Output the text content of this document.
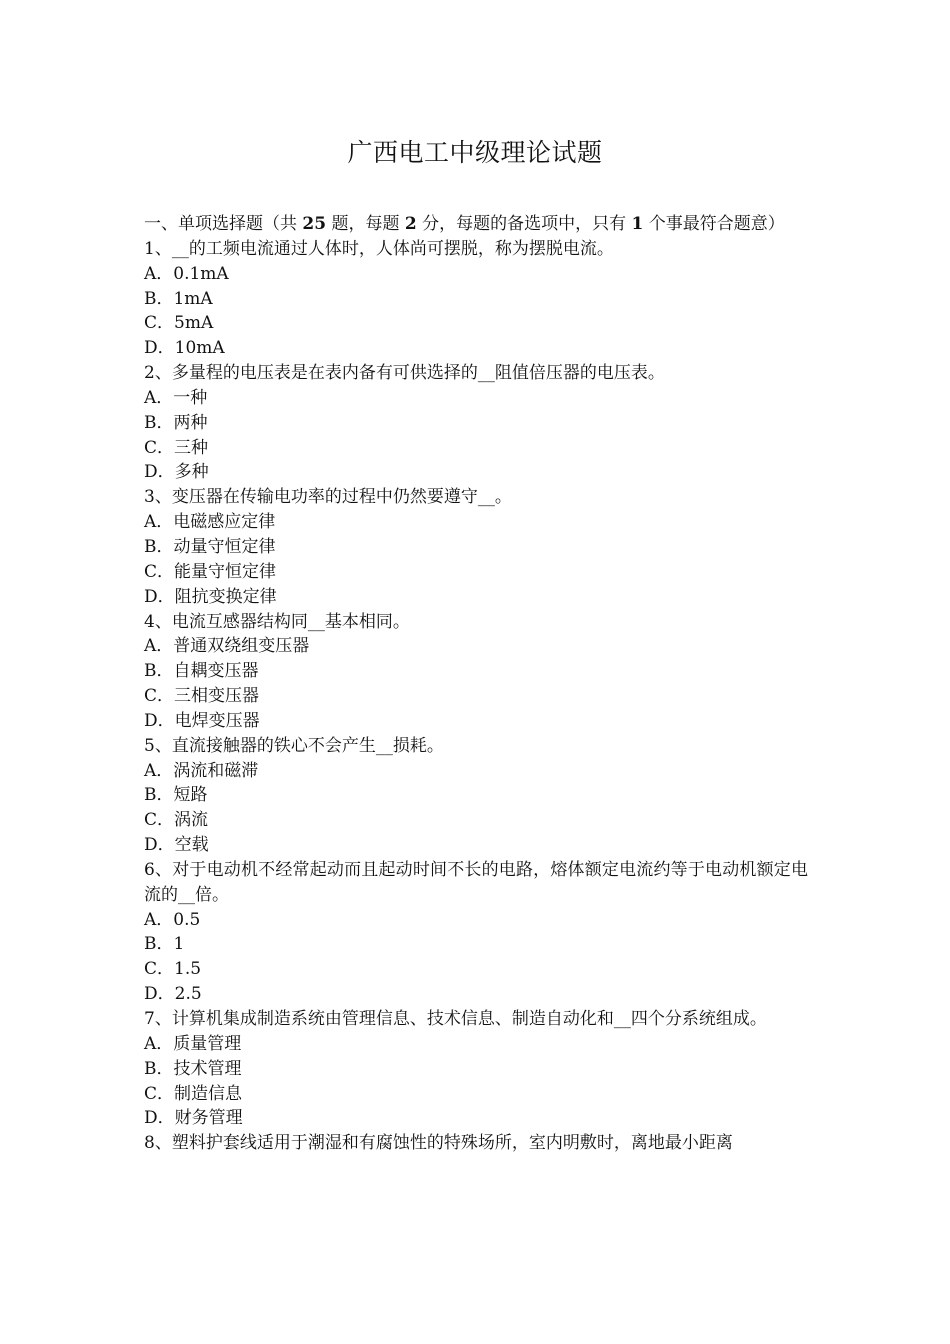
广西电工中级理论试题
一、单项选择题（共 25 题，每题 2 分，每题的备选项中，只有 1 个事最符合题意）
1、__的工频电流通过人体时，人体尚可摆脱，称为摆脱电流。
A．0.1mA
B．1mA
C．5mA
D．10mA
2、多量程的电压表是在表内备有可供选择的__阻值倍压器的电压表。
A．一种
B．两种
C．三种
D．多种
3、变压器在传输电功率的过程中仍然要遵守__。
A．电磁感应定律
B．动量守恒定律
C．能量守恒定律
D．阻抗变换定律
4、电流互感器结构同__基本相同。
A．普通双绕组变压器
B．自耦变压器
C．三相变压器
D．电焊变压器
5、直流接触器的铁心不会产生__损耗。
A．涡流和磁滞
B．短路
C．涡流
D．空载
6、对于电动机不经常起动而且起动时间不长的电路，熔体额定电流约等于电动机额定电流的__倍。
A．0.5
B．1
C．1.5
D．2.5
7、计算机集成制造系统由管理信息、技术信息、制造自动化和__四个分系统组成。
A．质量管理
B．技术管理
C．制造信息
D．财务管理
8、塑料护套线适用于潮湿和有腐蚀性的特殊场所，室内明敷时，离地最小距离
